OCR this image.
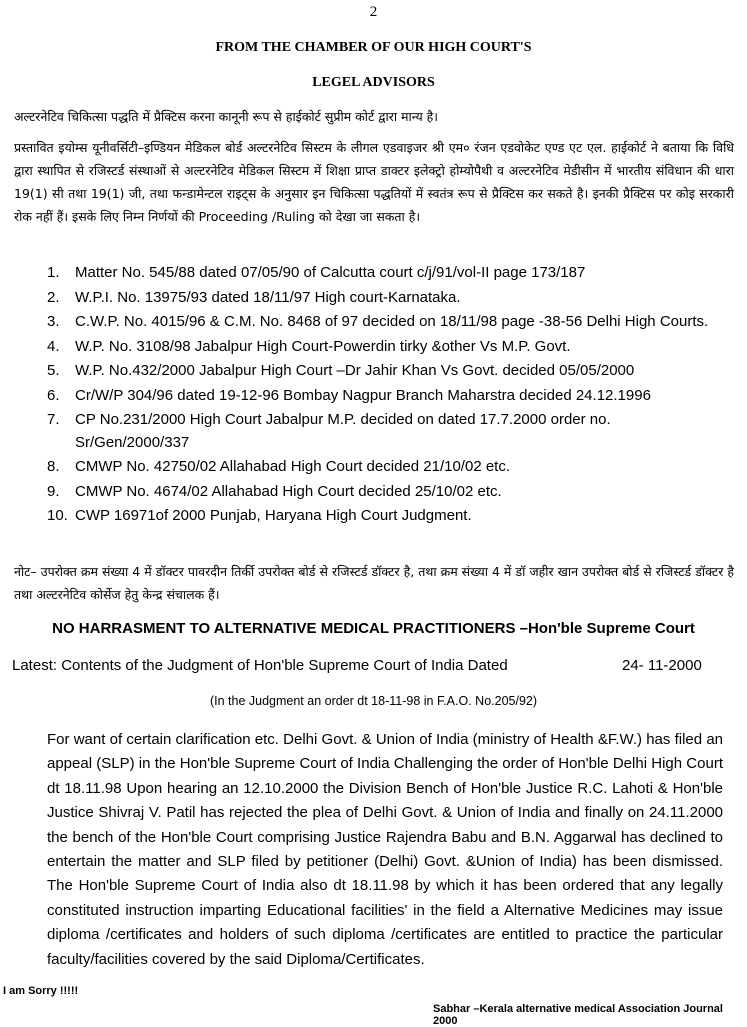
2
FROM THE CHAMBER OF OUR HIGH COURT'S
LEGEL ADVISORS
अल्टरनेटिव चिकित्सा पद्धति में प्रैक्टिस करना कानूनी रूप से हाईकोर्ट सुप्रीम कोर्ट द्वारा मान्य है।
प्रस्तावित इयोम्स यूनीवर्सिटी–इण्डियन मेडिकल बोर्ड अल्टरनेटिव सिस्टम के लीगल एडवाइजर श्री एम० रंजन एडवोकेट एण्ड एट एल. हाईकोर्ट ने बताया कि विधि द्वारा स्थापित से रजिस्टर्ड संस्थाओं से अल्टरनेटिव मेडिकल सिस्टम में शिक्षा प्राप्त डाक्टर इलेक्ट्रो होम्योपैथी व अल्टरनेटिव मेडीसीन में भारतीय संविधान की धारा 19(1) सी तथा 19(1) जी, तथा फन्डामेन्टल राइट्स के अनुसार इन चिकित्सा पद्धतियों में स्वतंत्र रूप से प्रैक्टिस कर सकते है। इनकी प्रैक्टिस पर कोइ सरकारी रोक नहीं हैं। इसके लिए निम्न निर्णयों की Proceeding /Ruling को देखा जा सकता है।
1.	Matter No. 545/88 dated 07/05/90 of Calcutta court c/j/91/vol-II page 173/187
2.	W.P.I. No. 13975/93 dated 18/11/97 High court-Karnataka.
3.	C.W.P. No. 4015/96 & C.M. No. 8468 of 97 decided on 18/11/98 page -38-56 Delhi High Courts.
4.	W.P. No. 3108/98 Jabalpur High Court-Powerdin tirky &other Vs M.P. Govt.
5.	W.P. No.432/2000 Jabalpur High Court –Dr Jahir Khan Vs Govt. decided 05/05/2000
6.	Cr/W/P 304/96 dated 19-12-96 Bombay Nagpur Branch Maharstra decided 24.12.1996
7.	CP No.231/2000 High Court Jabalpur M.P. decided on dated 17.7.2000 order no. Sr/Gen/2000/337
8.	CMWP No. 42750/02 Allahabad High Court decided 21/10/02 etc.
9.	CMWP No. 4674/02 Allahabad High Court decided 25/10/02 etc.
10. CWP 16971of 2000 Punjab, Haryana High Court Judgment.
नोट– उपरोक्त क्रम संख्या 4 में डॉक्टर पावरदीन तिर्की उपरोक्त बोर्ड से रजिस्टर्ड डॉक्टर है, तथा क्रम संख्या 4 में डॉ जहीर खान उपरोक्त बोर्ड से रजिस्टर्ड डॉक्टर है तथा अल्टरनेटिव कोर्सेज हेतु केन्द्र संचालक हैं।
NO HARRASMENT TO ALTERNATIVE MEDICAL PRACTITIONERS –Hon'ble Supreme Court
Latest: Contents of the Judgment of Hon'ble Supreme Court of India Dated	24- 11-2000
(In the Judgment an order dt 18-11-98 in F.A.O. No.205/92)
For want of certain clarification etc. Delhi Govt. & Union of India (ministry of Health &F.W.) has filed an appeal (SLP) in the Hon'ble Supreme Court of India Challenging the order of Hon'ble Delhi High Court dt 18.11.98 Upon hearing an 12.10.2000 the Division Bench of Hon'ble Justice R.C. Lahoti & Hon'ble Justice Shivraj V. Patil has rejected the plea of Delhi Govt. & Union of India and finally on 24.11.2000 the bench of the Hon'ble Court comprising Justice Rajendra Babu and B.N. Aggarwal has declined to entertain the matter and SLP filed by petitioner (Delhi) Govt. &Union of India) has been dismissed. The Hon'ble Supreme Court of India also dt 18.11.98 by which it has been ordered that any legally constituted instruction imparting Educational facilities' in the field a Alternative Medicines may issue diploma /certificates and holders of such diploma /certificates are entitled to practice the particular faculty/facilities covered by the said Diploma/Certificates.
I am Sorry !!!!!
Sabhar –Kerala alternative medical Association Journal 2000
